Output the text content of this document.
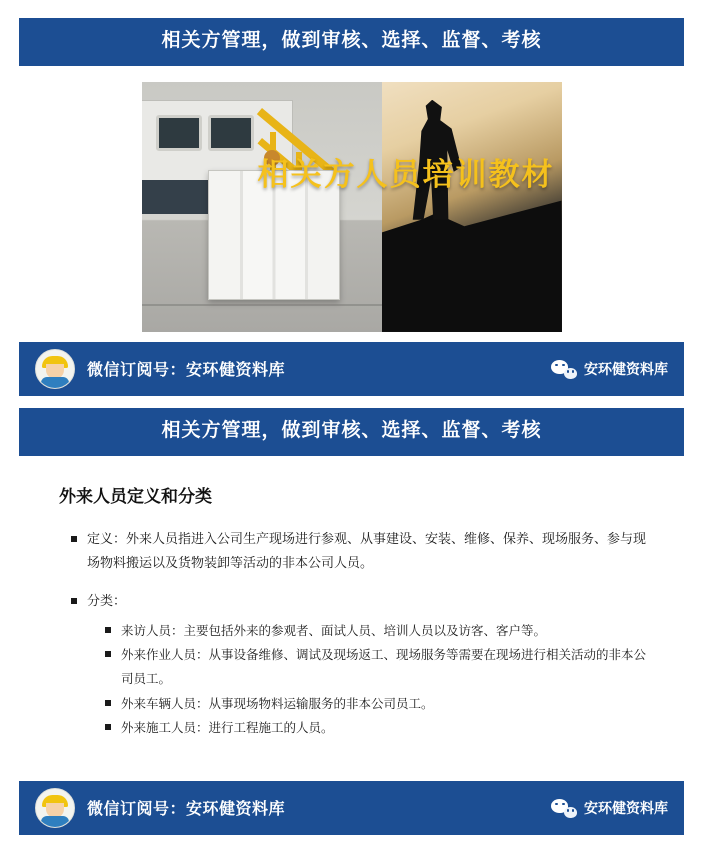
相关方管理，做到审核、选择、监督、考核
相关方人员培训教材
微信订阅号：安环健资料库	安环健资料库
相关方管理，做到审核、选择、监督、考核
外来人员定义和分类
定义：外来人员指进入公司生产现场进行参观、从事建设、安装、维修、保养、现场服务、参与现场物料搬运以及货物装卸等活动的非本公司人员。
分类：
来访人员：主要包括外来的参观者、面试人员、培训人员以及访客、客户等。
外来作业人员：从事设备维修、调试及现场返工、现场服务等需要在现场进行相关活动的非本公司员工。
外来车辆人员：从事现场物料运输服务的非本公司员工。
外来施工人员：进行工程施工的人员。
微信订阅号：安环健资料库	安环健资料库
